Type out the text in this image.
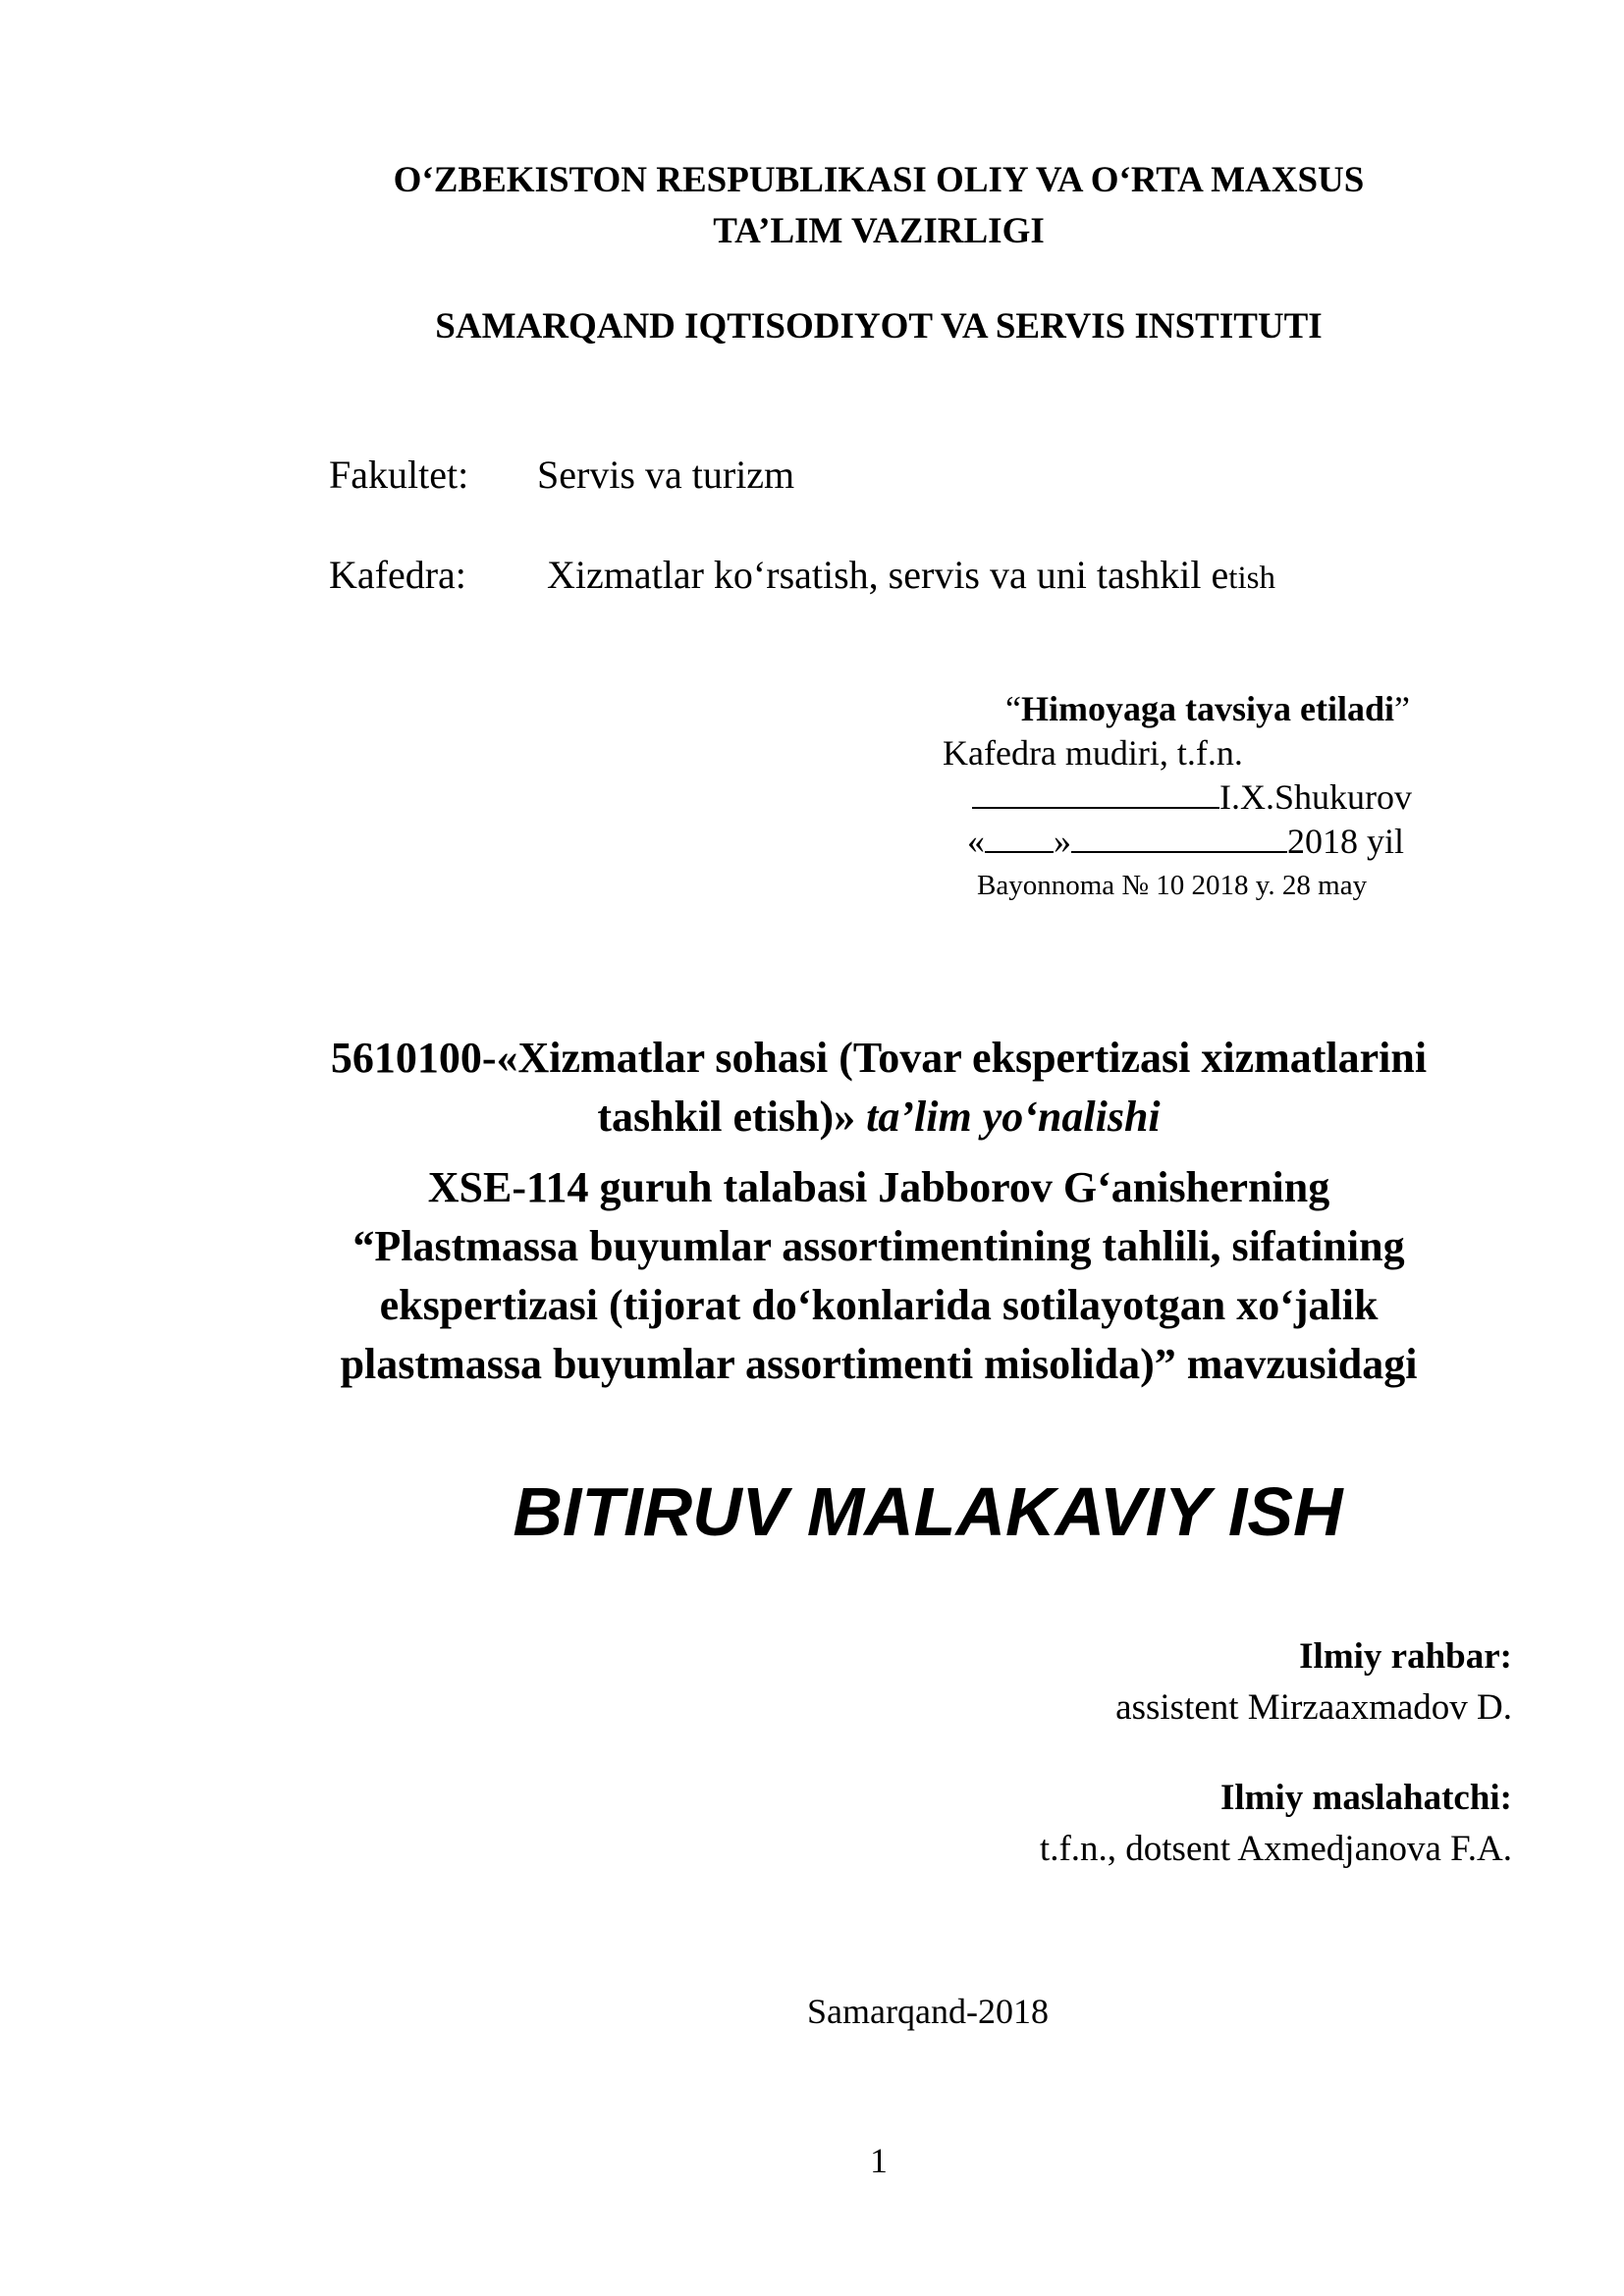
O‘ZBEKISTON RESPUBLIKASI OLIY VA O‘RTA MAXSUS
TA’LIM VAZIRLIGI
SAMARQAND IQTISODIYOT VA SERVIS INSTITUTI
Fakultet: Servis va turizm
Kafedra: Xizmatlar ko‘rsatish, servis va uni tashkil etish
“Himoyaga tavsiya etiladi”
Kafedra mudiri, t.f.n.
I.X.Shukurov
« »	2018 yil
Bayonnoma № 10 2018 y. 28 may
5610100-«Xizmatlar sohasi (Tovar ekspertizasi xizmatlarini
tashkil etish)» ta’lim yo‘nalishi
XSE-114 guruh talabasi Jabborov G‘anisherning
“Plastmassa buyumlar assortimentining tahlili, sifatining
ekspertizasi (tijorat do‘konlarida sotilayotgan xo‘jalik
plastmassa buyumlar assortimenti misolida)” mavzusidagi
BITIRUV MALAKAVIY ISH
Ilmiy rahbar:
assistent Mirzaaxmadov D.
Ilmiy maslahatchi:
t.f.n., dotsent Axmedjanova F.A.
Samarqand-2018
1
